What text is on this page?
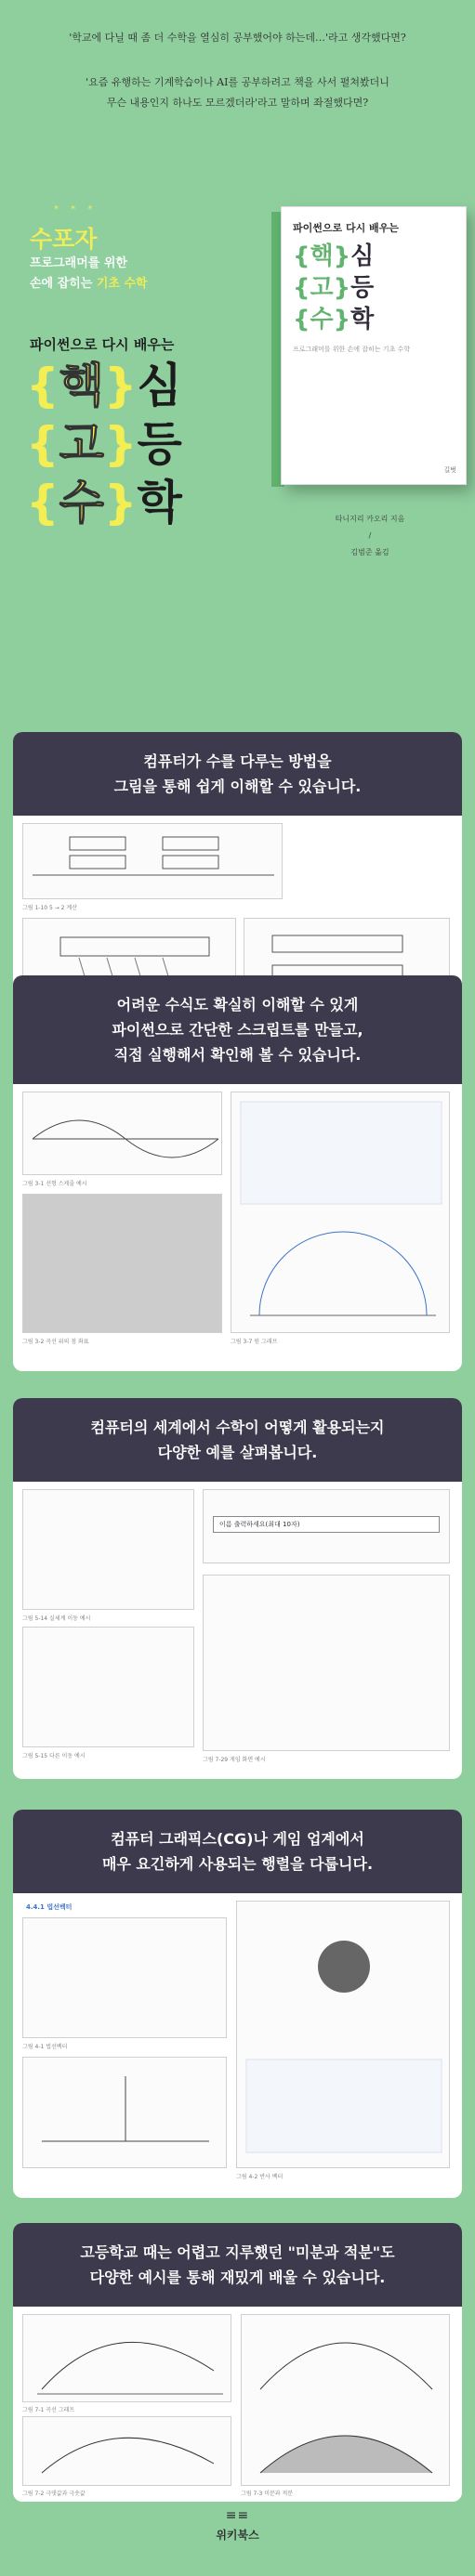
'학교에 다닐 때 좀 더 수학을 열심히 공부했어야 하는데…'라고 생각했다면?

'요즘 유행하는 기계학습이나 AI를 공부하려고 책을 사서 펼쳐봤더니

무슨 내용인지 하나도 모르겠더라'라고 말하며 좌절했다면?

* * *
수포자
프로그래머를 위한
손에 잡히는 기초 수학
파이썬으로 다시 배우는
{핵}심
{고}등
{수}학
파이썬으로 다시 배우는
{핵}심
{고}등
{수}학
프로그래머를 위한 손에 잡히는 기초 수학
길벗
타니지리 카오리 지음
/
김범준 옮김
컴퓨터가 수를 다루는 방법을
그림을 통해 쉽게 이해할 수 있습니다.
그림 1-10 5 → 2 계산
어려운 수식도 확실히 이해할 수 있게
파이썬으로 간단한 스크립트를 만들고,
직접 실행해서 확인해 볼 수 있습니다.
그림 3-1 선형 스케줄 예시
그림 3-2 곡선 위의 점 좌표	그림 3-7 원 그래프
컴퓨터의 세계에서 수학이 어떻게 활용되는지
다양한 예를 살펴봅니다.
그림 5-14 실세계 이동 예시
그림 5-15 다른 이동 예시
이름 출력하세요(최대 10자)
그림 7-29 게임 화면 예시
컴퓨터 그래픽스(CG)나 게임 업계에서
매우 요긴하게 사용되는 행렬을 다룹니다.
4.4.1 법선벡터
그림 4-1 법선벡터
그림 4-2 반사 벡터
고등학교 때는 어렵고 지루했던 "미분과 적분"도
다양한 예시를 통해 재밌게 배울 수 있습니다.
그림 7-1 곡선 그래프
그림 7-2 극댓값과 극솟값	그림 7-3 미분과 적분
≡≡
위키북스
